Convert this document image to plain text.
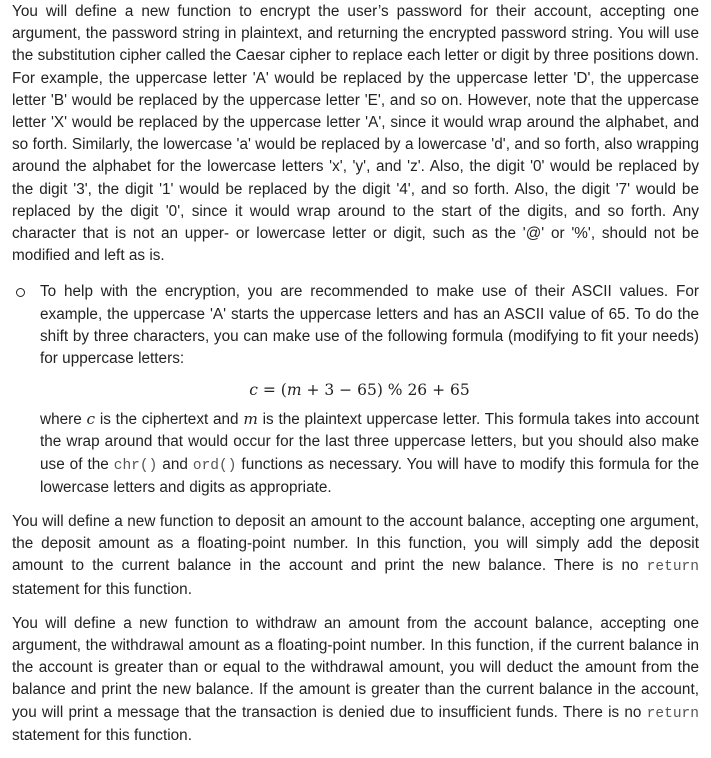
You will define a new function to encrypt the user’s password for their account, accepting one argument, the password string in plaintext, and returning the encrypted password string. You will use the substitution cipher called the Caesar cipher to replace each letter or digit by three positions down. For example, the uppercase letter 'A' would be replaced by the uppercase letter 'D', the uppercase letter 'B' would be replaced by the uppercase letter 'E', and so on. However, note that the uppercase letter 'X' would be replaced by the uppercase letter 'A', since it would wrap around the alphabet, and so forth. Similarly, the lowercase 'a' would be replaced by a lowercase 'd', and so forth, also wrapping around the alphabet for the lowercase letters 'x', 'y', and 'z'. Also, the digit '0' would be replaced by the digit '3', the digit '1' would be replaced by the digit '4', and so forth. Also, the digit '7' would be replaced by the digit '0', since it would wrap around to the start of the digits, and so forth. Any character that is not an upper- or lowercase letter or digit, such as the '@' or '%', should not be modified and left as is.

To help with the encryption, you are recommended to make use of their ASCII values. For example, the uppercase 'A' starts the uppercase letters and has an ASCII value of 65. To do the shift by three characters, you can make use of the following formula (modifying to fit your needs) for uppercase letters:

c = (m + 3 − 65) % 26 + 65

where c is the ciphertext and m is the plaintext uppercase letter. This formula takes into account the wrap around that would occur for the last three uppercase letters, but you should also make use of the chr() and ord() functions as necessary. You will have to modify this formula for the lowercase letters and digits as appropriate.

You will define a new function to deposit an amount to the account balance, accepting one argument, the deposit amount as a floating-point number. In this function, you will simply add the deposit amount to the current balance in the account and print the new balance. There is no return statement for this function.

You will define a new function to withdraw an amount from the account balance, accepting one argument, the withdrawal amount as a floating-point number. In this function, if the current balance in the account is greater than or equal to the withdrawal amount, you will deduct the amount from the balance and print the new balance. If the amount is greater than the current balance in the account, you will print a message that the transaction is denied due to insufficient funds. There is no return statement for this function.
